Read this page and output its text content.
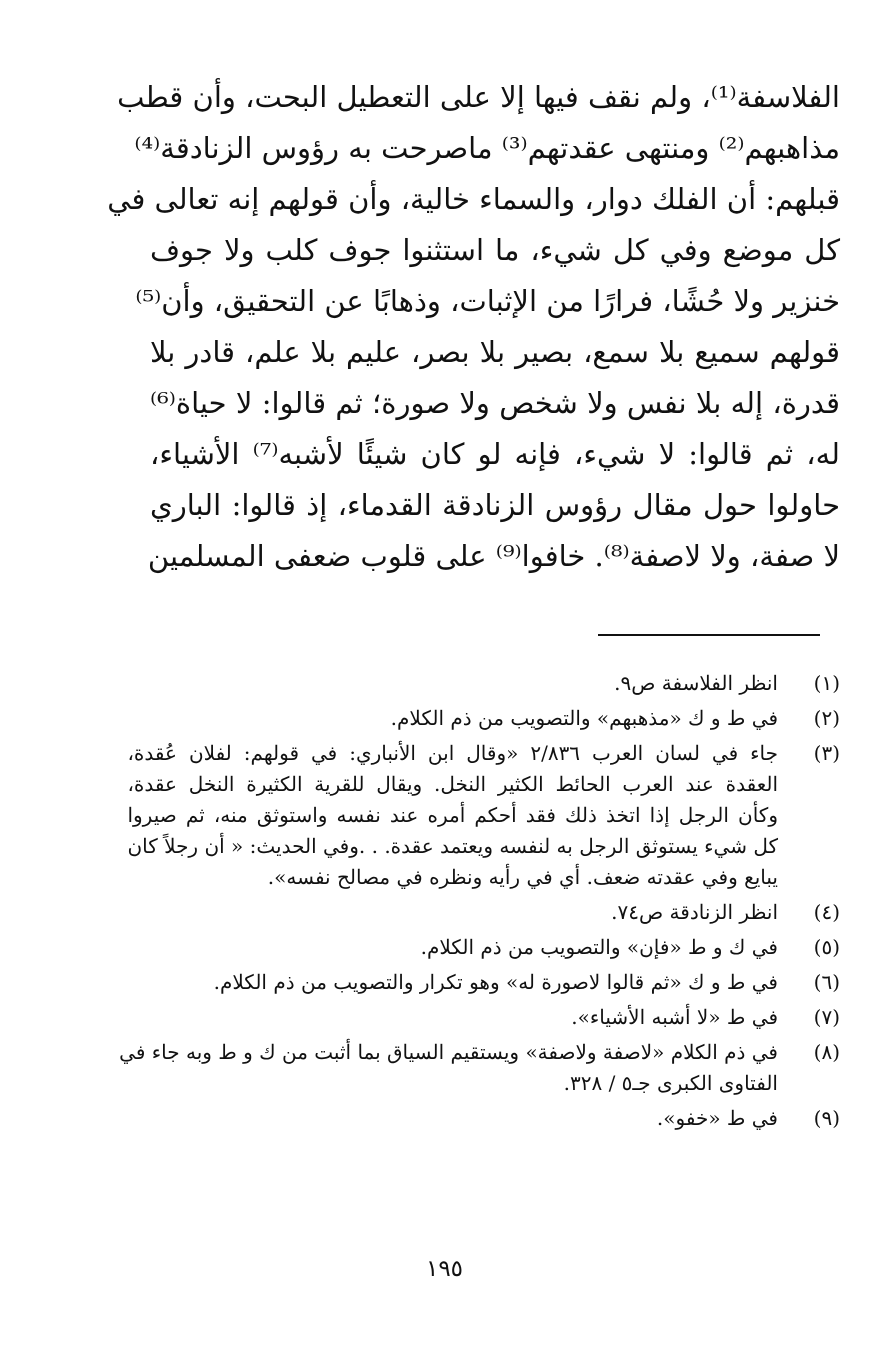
الفلاسفة⁽¹⁾، ولم نقف فيها إلا على التعطيل البحت، وأن قطب
مذاهبهم⁽²⁾ ومنتهى عقدتهم⁽³⁾ ماصرحت به رؤوس الزنادقة⁽⁴⁾
قبلهم: أن الفلك دوار، والسماء خالية، وأن قولهم إنه تعالى في
كل موضع وفي كل شيء، ما استثنوا جوف كلب ولا جوف
خنزير ولا حُشًا، فرارًا من الإثبات، وذهابًا عن التحقيق، وأن⁽⁵⁾
قولهم سميع بلا سمع، بصير بلا بصر، عليم بلا علم، قادر بلا
قدرة، إله بلا نفس ولا شخص ولا صورة؛ ثم قالوا: لا حياة⁽⁶⁾
له، ثم قالوا: لا شيء، فإنه لو كان شيئًا لأشبه⁽⁷⁾ الأشياء،
حاولوا حول مقال رؤوس الزنادقة القدماء، إذ قالوا: الباري
لا صفة، ولا لاصفة⁽⁸⁾. خافوا⁽⁹⁾ على قلوب ضعفى المسلمين
(١)
انظر الفلاسفة ص٩.
(٢)
في ط و ك «مذهبهم» والتصويب من ذم الكلام.
(٣)
جاء في لسان العرب ٢/٨٣٦ «وقال ابن الأنباري: في قولهم: لفلان عُقدة،
العقدة عند العرب الحائط الكثير النخل. ويقال للقرية الكثيرة النخل عقدة،
وكأن الرجل إذا اتخذ ذلك فقد أحكم أمره عند نفسه واستوثق منه، ثم صيروا
كل شيء يستوثق الرجل به لنفسه ويعتمد عقدة. . .وفي الحديث: « أن رجلاً كان
يبايع وفي عقدته ضعف. أي في رأيه ونظره في مصالح نفسه».
(٤)
انظر الزنادقة ص٧٤.
(٥)
في ك و ط «فإن» والتصويب من ذم الكلام.
(٦)
في ط و ك «ثم قالوا لاصورة له» وهو تكرار والتصويب من ذم الكلام.
(٧)
في ط «لا أشبه الأشياء».
(٨)
في ذم الكلام «لاصفة ولاصفة» ويستقيم السياق بما أثبت من ك و ط وبه جاء في
الفتاوى الكبرى جـ٥ / ٣٢٨.
(٩)
في ط «خفو».
١٩٥
